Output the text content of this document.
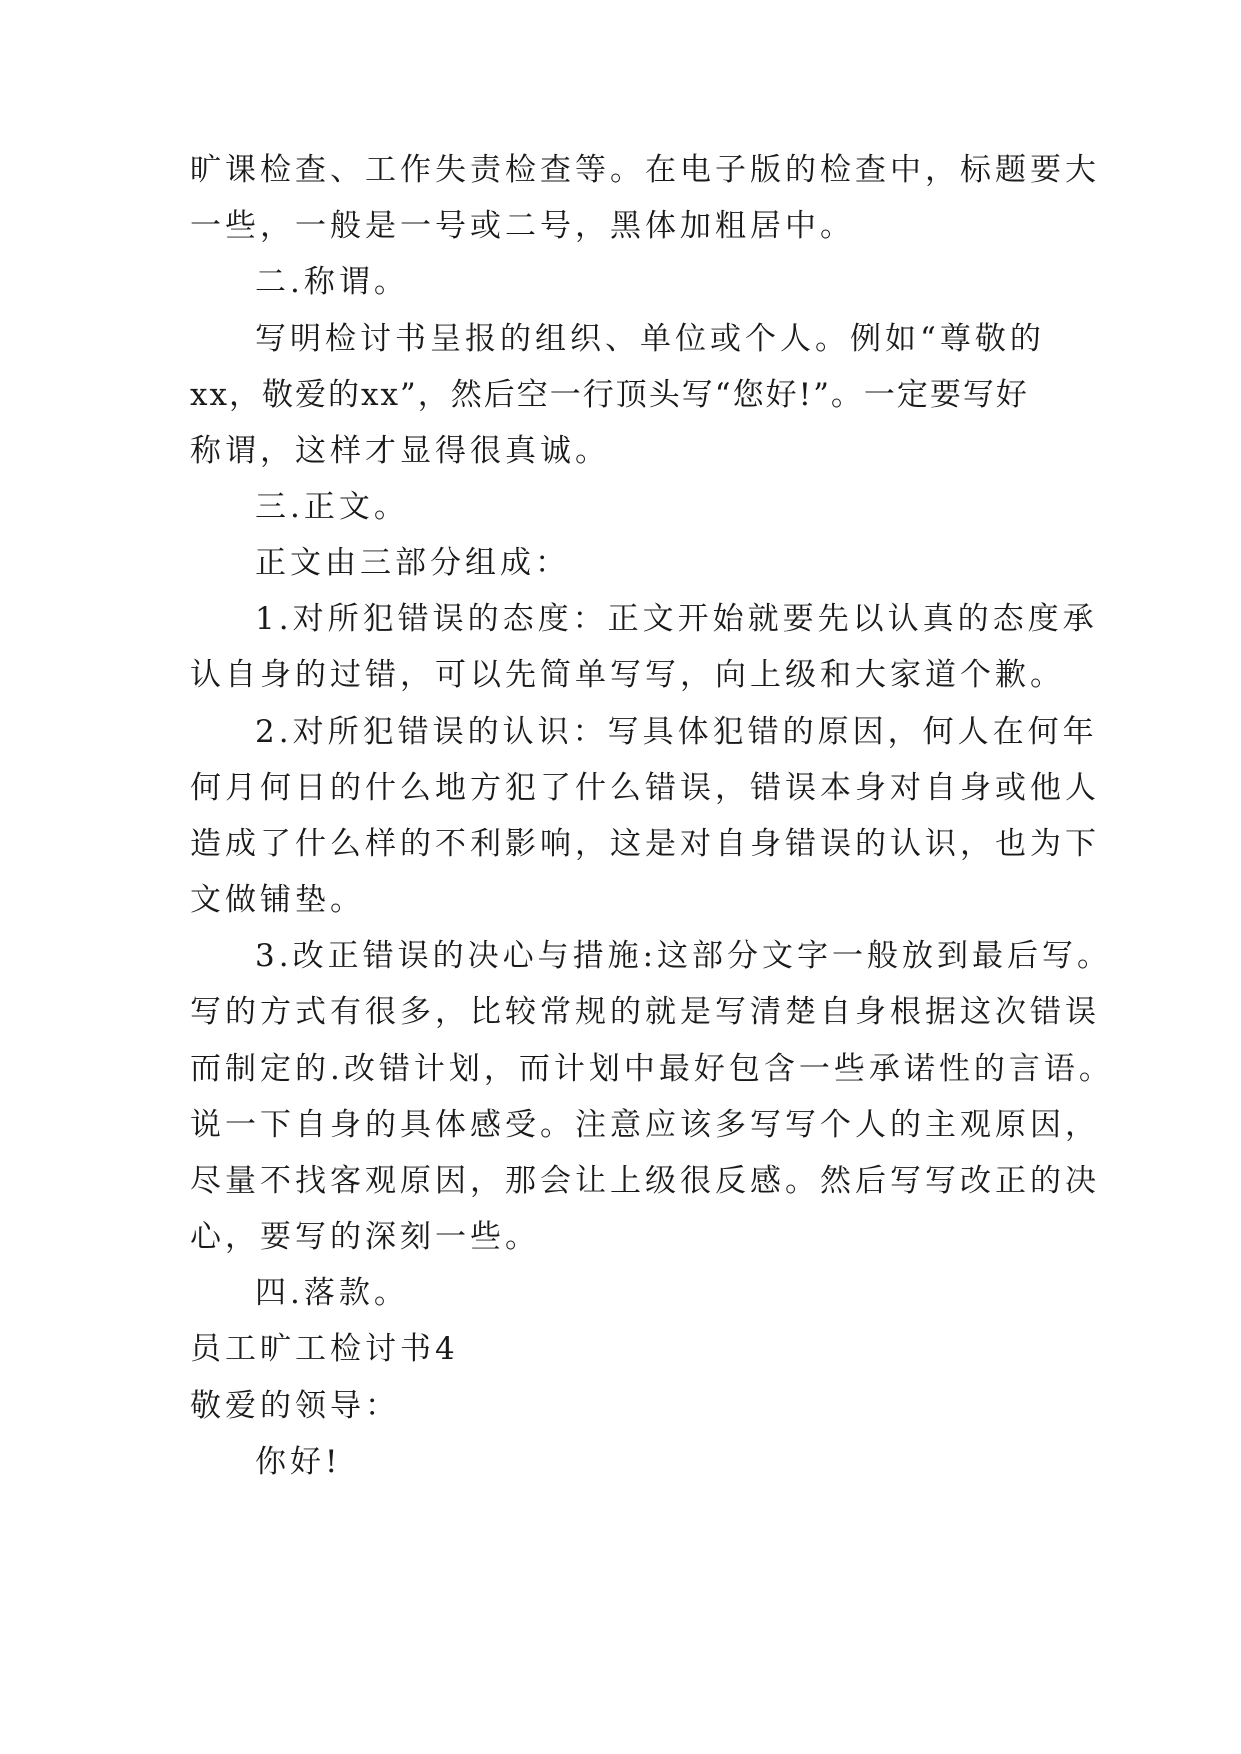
旷课检查、工作失责检查等。在电子版的检查中，标题要大
一些，一般是一号或二号，黑体加粗居中。
二.称谓。
写明检讨书呈报的组织、单位或个人。例如“尊敬的
xx，敬爱的xx”，然后空一行顶头写“您好!”。一定要写好
称谓，这样才显得很真诚。
三.正文。
正文由三部分组成：
1.对所犯错误的态度：正文开始就要先以认真的态度承
认自身的过错，可以先简单写写，向上级和大家道个歉。
2.对所犯错误的认识：写具体犯错的原因，何人在何年
何月何日的什么地方犯了什么错误，错误本身对自身或他人
造成了什么样的不利影响，这是对自身错误的认识，也为下
文做铺垫。
3.改正错误的决心与措施:这部分文字一般放到最后写。
写的方式有很多，比较常规的就是写清楚自身根据这次错误
而制定的.改错计划，而计划中最好包含一些承诺性的言语。
说一下自身的具体感受。注意应该多写写个人的主观原因，
尽量不找客观原因，那会让上级很反感。然后写写改正的决
心，要写的深刻一些。
四.落款。
员工旷工检讨书4
敬爱的领导：
你好!
